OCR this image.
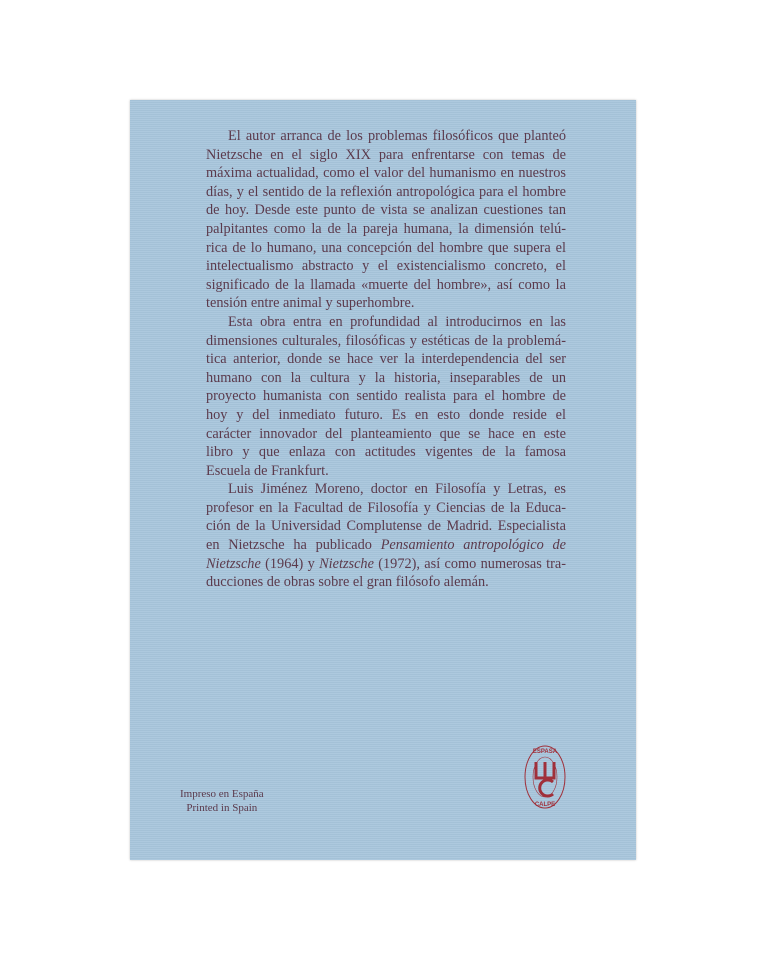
El autor arranca de los problemas filosóficos que planteó
Nietzsche en el siglo XIX para enfrentarse con temas de
máxima actualidad, como el valor del humanismo en nuestros
días, y el sentido de la reflexión antropológica para el hombre
de hoy. Desde este punto de vista se analizan cuestiones tan
palpitantes como la de la pareja humana, la dimensión telú-
rica de lo humano, una concepción del hombre que supera el
intelectualismo abstracto y el existencialismo concreto, el
significado de la llamada «muerte del hombre», así como la
tensión entre animal y superhombre.
Esta obra entra en profundidad al introducirnos en las
dimensiones culturales, filosóficas y estéticas de la problemá-
tica anterior, donde se hace ver la interdependencia del ser
humano con la cultura y la historia, inseparables de un
proyecto humanista con sentido realista para el hombre de
hoy y del inmediato futuro. Es en esto donde reside el
carácter innovador del planteamiento que se hace en este
libro y que enlaza con actitudes vigentes de la famosa
Escuela de Frankfurt.
Luis Jiménez Moreno, doctor en Filosofía y Letras, es
profesor en la Facultad de Filosofía y Ciencias de la Educa-
ción de la Universidad Complutense de Madrid. Especialista
en Nietzsche ha publicado Pensamiento antropológico de
Nietzsche (1964) y Nietzsche (1972), así como numerosas tra-
ducciones de obras sobre el gran filósofo alemán.
Impreso en España
Printed in Spain
ESPASA
CALPE
